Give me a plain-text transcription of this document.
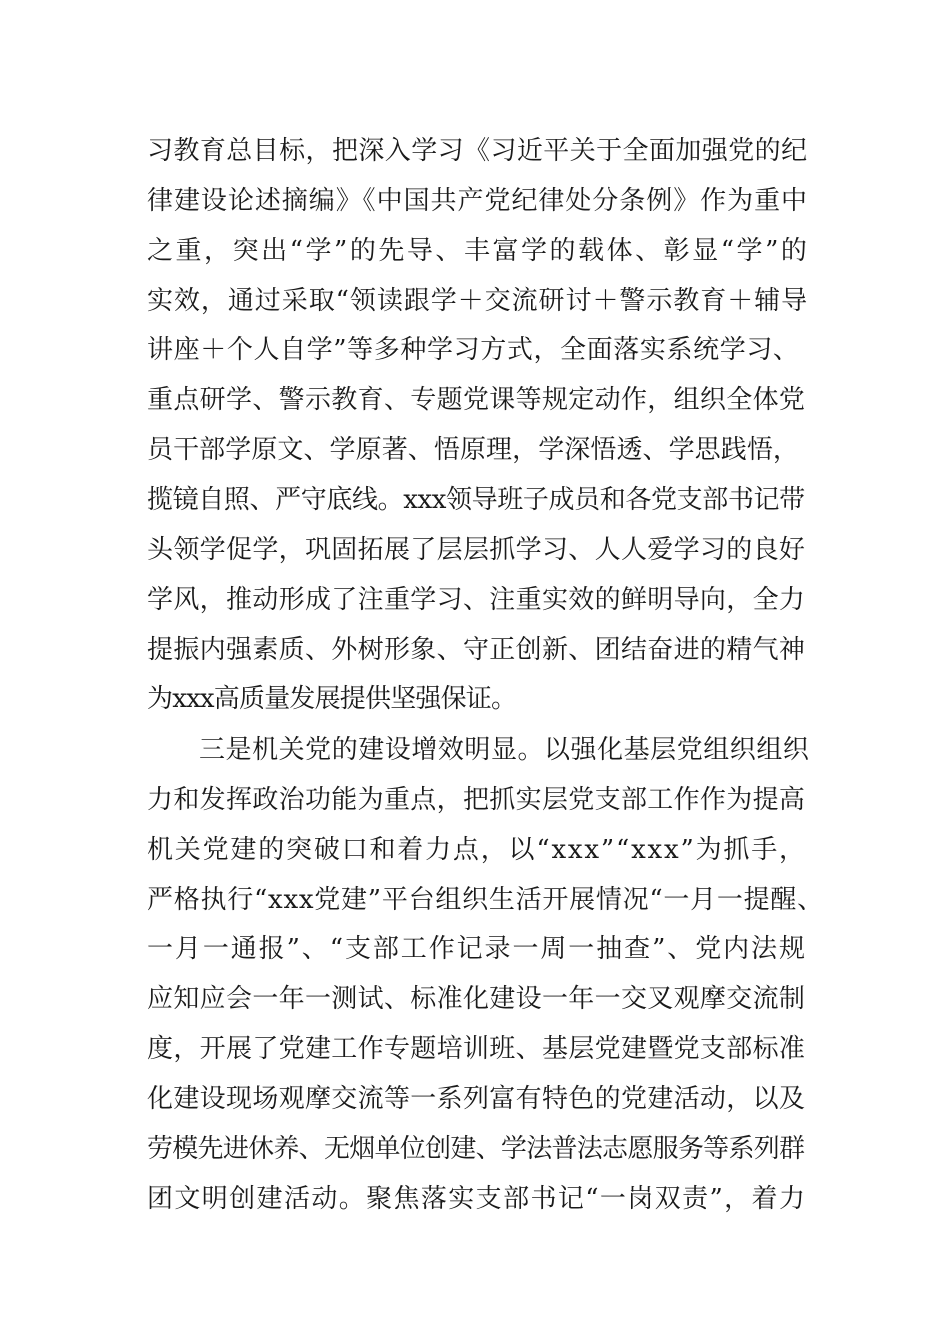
习教育总目标，把深入学习《习近平关于全面加强党的纪
律建设论述摘编》《中国共产党纪律处分条例》作为重中
之重，突出“学”的先导、丰富学的载体、彰显“学”的
实效，通过采取“领读跟学＋交流研讨＋警示教育＋辅导
讲座＋个人自学”等多种学习方式，全面落实系统学习、
重点研学、警示教育、专题党课等规定动作，组织全体党
员干部学原文、学原著、悟原理，学深悟透、学思践悟，
揽镜自照、严守底线。xxx领导班子成员和各党支部书记带
头领学促学，巩固拓展了层层抓学习、人人爱学习的良好
学风，推动形成了注重学习、注重实效的鲜明导向，全力
提振内强素质、外树形象、守正创新、团结奋进的精气神
为xxx高质量发展提供坚强保证。
三是机关党的建设增效明显。以强化基层党组织组织
力和发挥政治功能为重点，把抓实层党支部工作作为提高
机关党建的突破口和着力点，以“xxx”“xxx”为抓手，
严格执行“xxx党建”平台组织生活开展情况“一月一提醒、
一月一通报”、“支部工作记录一周一抽查”、党内法规
应知应会一年一测试、标准化建设一年一交叉观摩交流制
度，开展了党建工作专题培训班、基层党建暨党支部标准
化建设现场观摩交流等一系列富有特色的党建活动，以及
劳模先进休养、无烟单位创建、学法普法志愿服务等系列群
团文明创建活动。聚焦落实支部书记“一岗双责”，着力
